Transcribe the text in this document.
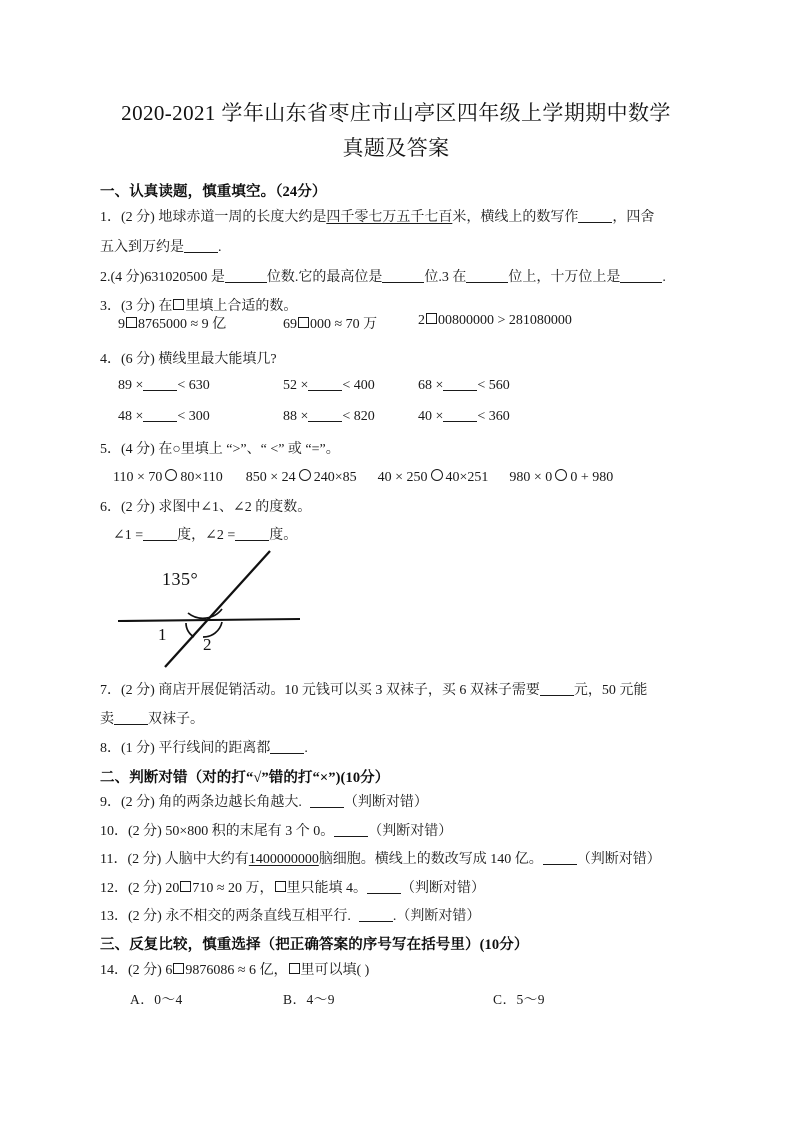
2020-2021 学年山东省枣庄市山亭区四年级上学期期中数学
真题及答案
一、认真读题，慎重填空。（24分）
1．(2 分) 地球赤道一周的长度大约是四千零七万五千七百米，横线上的数写作 ，四舍
五入到万约是 .
2.(4 分)631020500 是	位数.它的最高位是	位.3 在	位上，十万位上是	.
3．(3 分) 在 里填上合适的数。
9 8765000 ≈ 9 亿	69 000 ≈ 70 万	2 00800000 > 281080000
4．(6 分) 横线里最大能填几?
89 × < 630	52 × < 400	68 × < 560
48 × < 300	88 × < 820	40 × < 360
5．(4 分) 在○里填上 “>”、“ <” 或 “=”。
110 × 70 80×110 850 × 24 240×85 40 × 250 40×251 980 × 0 0 + 980
6．(2 分) 求图中∠1、∠2 的度数。
∠1 = 度，∠2 = 度。
135°
1
2
7．(2 分) 商店开展促销活动。10 元钱可以买 3 双袜子，买 6 双袜子需要 元，50 元能
卖 双袜子。
8．(1 分) 平行线间的距离都 .
二、判断对错（对的打“√”错的打“×”)(10分）
9．(2 分) 角的两条边越长角越大.	（判断对错）
10．(2 分) 50×800 积的末尾有 3 个 0。 （判断对错）
11．(2 分) 人脑中大约有1400000000脑细胞。横线上的数改写成 140 亿。 （判断对错）
12．(2 分) 20 710 ≈ 20 万， 里只能填 4。 （判断对错）
13．(2 分) 永不相交的两条直线互相平行.	.（判断对错）
三、反复比较，慎重选择（把正确答案的序号写在括号里）(10分）
14．(2 分) 6 9876086 ≈ 6 亿， 里可以填( )
A．0～4	B．4～9	C．5～9
